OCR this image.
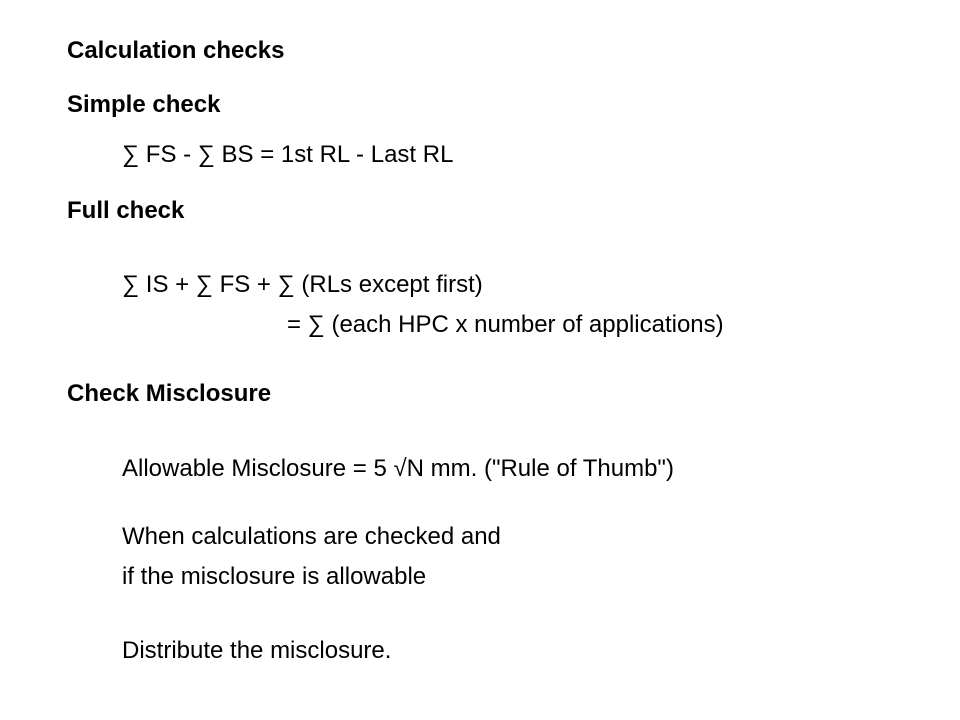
Calculation checks
Simple check
∑ FS - ∑ BS = 1st RL - Last RL
Full check
∑ IS + ∑ FS + ∑ (RLs except first)
= ∑ (each HPC x number of applications)
Check Misclosure
Allowable Misclosure = 5 √N mm. ("Rule of Thumb")
When calculations are checked and
if the misclosure is allowable
Distribute the misclosure.
